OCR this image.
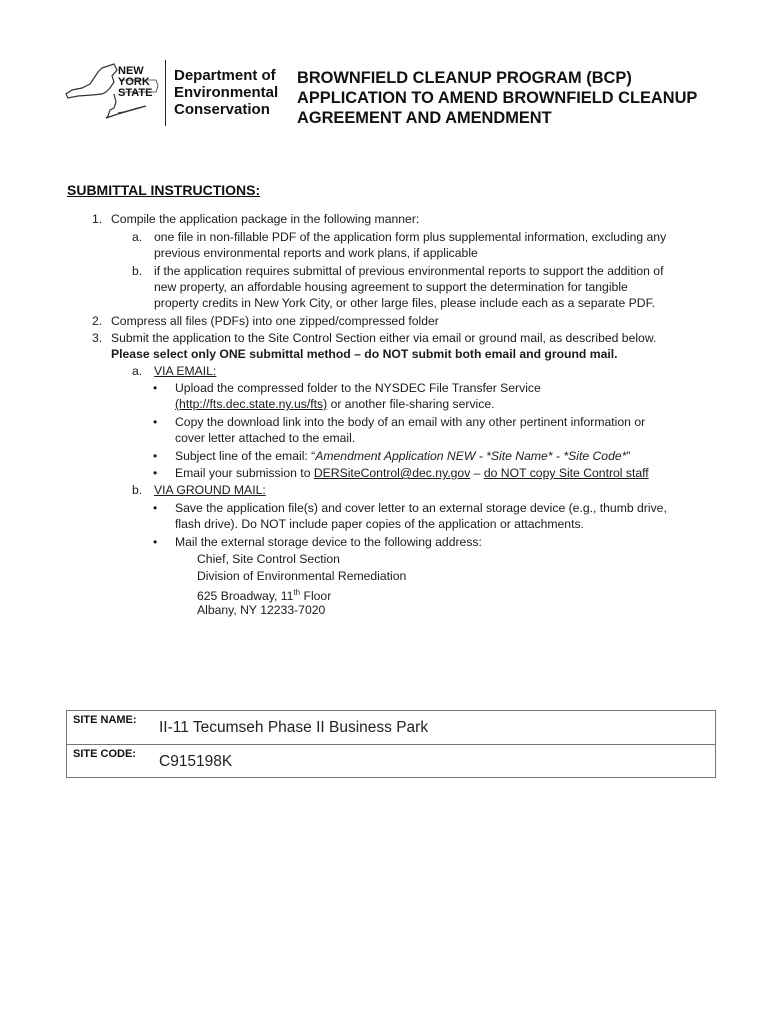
NEW
YORK
STATE
Department of
Environmental
Conservation
BROWNFIELD CLEANUP PROGRAM (BCP)
APPLICATION TO AMEND BROWNFIELD CLEANUP
AGREEMENT AND AMENDMENT
SUBMITTAL INSTRUCTIONS:
1. Compile the application package in the following manner:
a. one file in non-fillable PDF of the application form plus supplemental information, excluding any
previous environmental reports and work plans, if applicable
b. if the application requires submittal of previous environmental reports to support the addition of
new property, an affordable housing agreement to support the determination for tangible
property credits in New York City, or other large files, please include each as a separate PDF.
2. Compress all files (PDFs) into one zipped/compressed folder
3. Submit the application to the Site Control Section either via email or ground mail, as described below.
Please select only ONE submittal method – do NOT submit both email and ground mail.
a. VIA EMAIL:
• Upload the compressed folder to the NYSDEC File Transfer Service
(http://fts.dec.state.ny.us/fts) or another file-sharing service.
• Copy the download link into the body of an email with any other pertinent information or
cover letter attached to the email.
• Subject line of the email: “Amendment Application NEW - *Site Name* - *Site Code*”
• Email your submission to DERSiteControl@dec.ny.gov – do NOT copy Site Control staff
b. VIA GROUND MAIL:
• Save the application file(s) and cover letter to an external storage device (e.g., thumb drive,
flash drive). Do NOT include paper copies of the application or attachments.
• Mail the external storage device to the following address:
Chief, Site Control Section
Division of Environmental Remediation
625 Broadway, 11th Floor
Albany, NY 12233-7020
SITE NAME: II-11 Tecumseh Phase II Business Park
SITE CODE: C915198K
